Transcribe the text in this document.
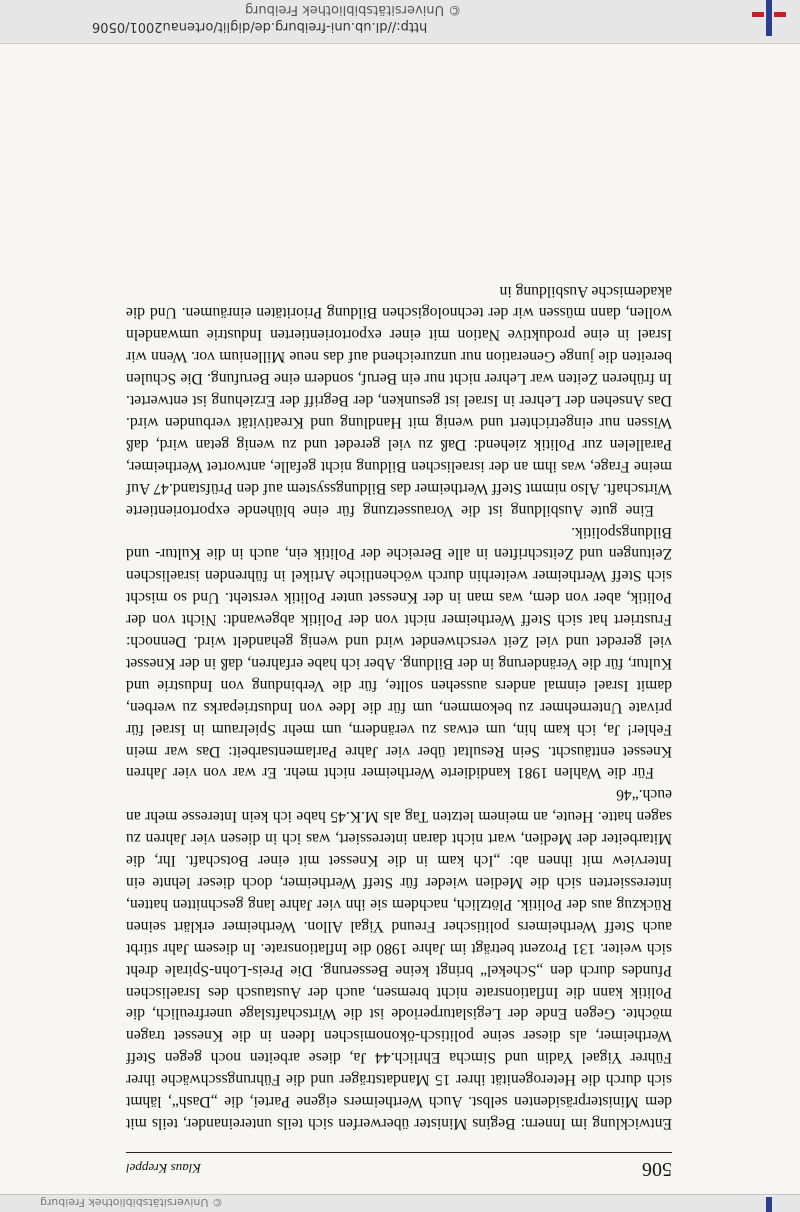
© Universitätsbibliothek Freiburg
http://dl.ub.uni-freiburg.de/diglit/ortenau2001/0506
506
Klaus Kreppel

Entwicklung im Innern: Begins Minister überwerfen sich teils untereinander, teils mit dem Ministerpräsidenten selbst. Auch Wertheimers eigene Partei, die „Dash“, lähmt sich durch die Heterogenität ihrer 15 Mandatsträger und die Führungsschwäche ihrer Führer Yigael Yadin und Simcha Ehrlich.44 Ja, diese arbeiten noch gegen Steff Wertheimer, als dieser seine politisch-ökonomischen Ideen in die Knesset tragen möchte. Gegen Ende der Legislaturperiode ist die Wirtschaftslage unerfreulich, die Politik kann die Inflationsrate nicht bremsen, auch der Austausch des Israelischen Pfundes durch den „Schekel“ bringt keine Besserung. Die Preis-Lohn-Spirale dreht sich weiter. 131 Prozent beträgt im Jahre 1980 die Inflationsrate. In diesem Jahr stirbt auch Steff Wertheimers politischer Freund Yigal Allon. Wertheimer erklärt seinen Rückzug aus der Politik. Plötzlich, nachdem sie ihn vier Jahre lang geschnitten hatten, interessierten sich die Medien wieder für Steff Wertheimer, doch dieser lehnte ein Interview mit ihnen ab: „Ich kam in die Knesset mit einer Botschaft. Ihr, die Mitarbeiter der Medien, wart nicht daran interessiert, was ich in diesen vier Jahren zu sagen hatte. Heute, an meinem letzten Tag als M.K.45 habe ich kein Interesse mehr an euch.“46

Für die Wahlen 1981 kandidierte Wertheimer nicht mehr. Er war von vier Jahren Knesset enttäuscht. Sein Resultat über vier Jahre Parlamentsarbeit: Das war mein Fehler! Ja, ich kam hin, um etwas zu verändern, um mehr Spielraum in Israel für private Unternehmer zu bekommen, um für die Idee von Industrieparks zu werben, damit Israel einmal anders aussehen sollte, für die Verbindung von Industrie und Kultur, für die Veränderung in der Bildung. Aber ich habe erfahren, daß in der Knesset viel geredet und viel Zeit verschwendet wird und wenig gehandelt wird. Dennoch: Frustriert hat sich Steff Wertheimer nicht von der Politik abgewandt: Nicht von der Politik, aber von dem, was man in der Knesset unter Politik versteht. Und so mischt sich Steff Wertheimer weiterhin durch wöchentliche Artikel in führenden israelischen Zeitungen und Zeitschriften in alle Bereiche der Politik ein, auch in die Kultur- und Bildungspolitik.

Eine gute Ausbildung ist die Voraussetzung für eine blühende exportorientierte Wirtschaft. Also nimmt Steff Wertheimer das Bildungssystem auf den Prüfstand.47 Auf meine Frage, was ihm an der israelischen Bildung nicht gefalle, antwortet Wertheimer, Parallelen zur Politik ziehend: Daß zu viel geredet und zu wenig getan wird, daß Wissen nur eingetrichtert und wenig mit Handlung und Kreativität verbunden wird. Das Ansehen der Lehrer in Israel ist gesunken, der Begriff der Erziehung ist entwertet. In früheren Zeiten war Lehrer nicht nur ein Beruf, sondern eine Berufung. Die Schulen bereiten die junge Generation nur unzureichend auf das neue Millenium vor. Wenn wir Israel in eine produktive Nation mit einer exportorientierten Industrie umwandeln wollen, dann müssen wir der technologischen Bildung Prioritäten einräumen. Und die akademische Ausbildung in

© Universitätsbibliothek Freiburg
